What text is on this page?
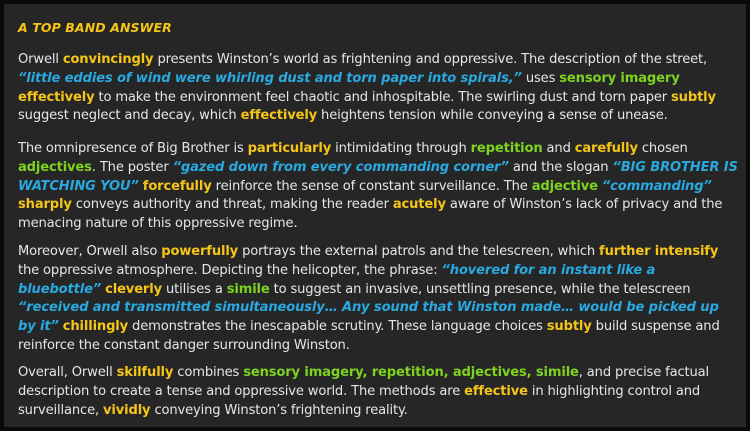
A TOP BAND ANSWER

Orwell convincingly presents Winston’s world as frightening and oppressive. The description of the street, “little eddies of wind were whirling dust and torn paper into spirals,” uses sensory imagery effectively to make the environment feel chaotic and inhospitable. The swirling dust and torn paper subtly suggest neglect and decay, which effectively heightens tension while conveying a sense of unease.

The omnipresence of Big Brother is particularly intimidating through repetition and carefully chosen adjectives. The poster “gazed down from every commanding corner” and the slogan “BIG BROTHER IS WATCHING YOU” forcefully reinforce the sense of constant surveillance. The adjective “commanding” sharply conveys authority and threat, making the reader acutely aware of Winston’s lack of privacy and the menacing nature of this oppressive regime.

Moreover, Orwell also powerfully portrays the external patrols and the telescreen, which further intensify the oppressive atmosphere. Depicting the helicopter, the phrase: “hovered for an instant like a bluebottle” cleverly utilises a simile to suggest an invasive, unsettling presence, while the telescreen “received and transmitted simultaneously… Any sound that Winston made… would be picked up by it” chillingly demonstrates the inescapable scrutiny. These language choices subtly build suspense and reinforce the constant danger surrounding Winston.

Overall, Orwell skilfully combines sensory imagery, repetition, adjectives, simile, and precise factual description to create a tense and oppressive world. The methods are effective in highlighting control and surveillance, vividly conveying Winston’s frightening reality.
